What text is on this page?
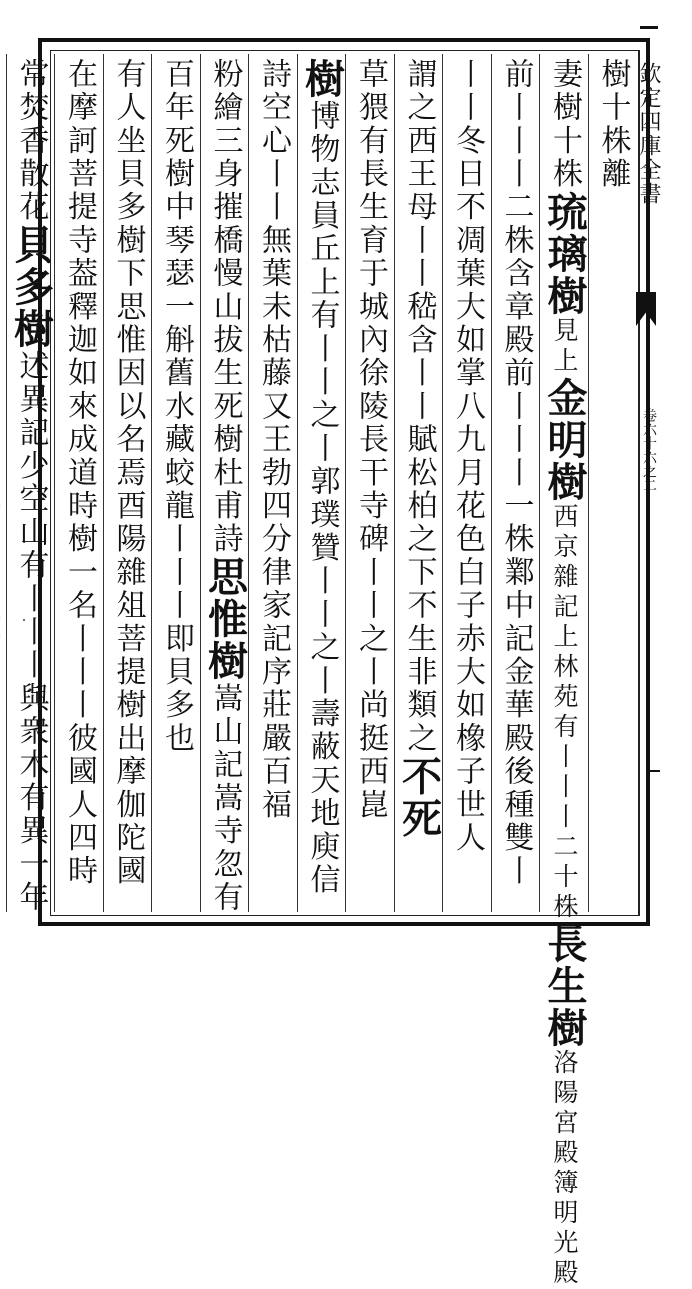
欽定四庫全書
卷六十六之二
樹十株離
妻樹十株琉璃樹見上金明樹西京雜記上林苑有丨丨丨二十株長生樹洛陽宮殿簿明光殿
前丨丨丨二株含章殿前丨丨丨一株鄴中記金華殿後種雙丨
丨丨冬日不凋葉大如掌八九月花色白子赤大如橡子世人
謂之西王母丨丨嵇含丨丨賦松柏之下不生非類之不死
草猥有長生育于城內徐陵長干寺碑丨丨之丨尚挺西崑
樹博物志員丘上有丨丨之丨郭璞贊丨丨之丨壽蔽天地庾信
詩空心丨丨無葉未枯藤又王勃四分律家記序莊嚴百福
粉繪三身摧橋慢山拔生死樹杜甫詩思惟樹嵩山記嵩寺忽有
百年死樹中琴瑟一斛舊水藏蛟龍丨丨丨即貝多也
有人坐貝多樹下思惟因以名焉酉陽雜俎菩提樹出摩伽陀國
在摩訶菩提寺葢釋迦如來成道時樹一名丨丨丨彼國人四時
常焚香散花貝多樹述異記少空山有丨丨丨與衆木有異一年
